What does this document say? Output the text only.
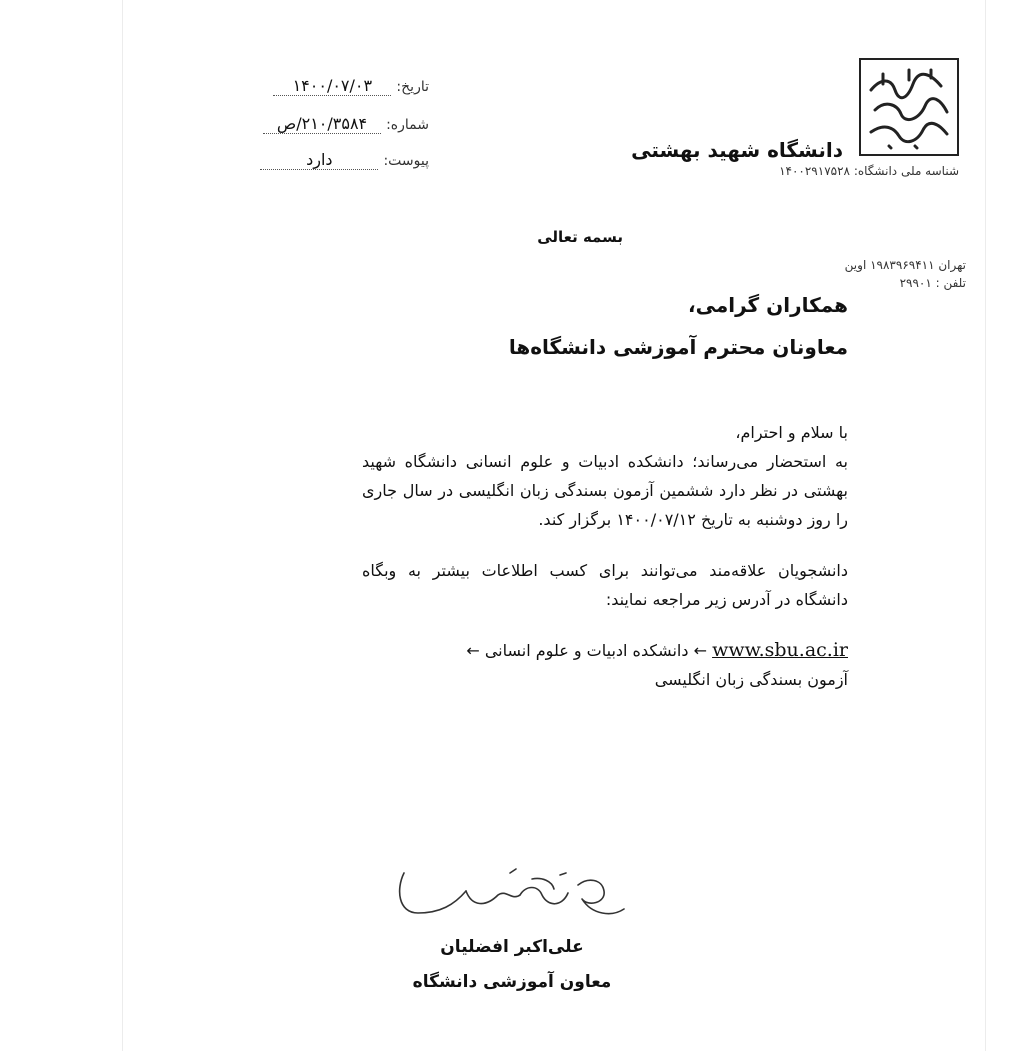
دانشگاه شهید بهشتی
شناسه ملی دانشگاه: ۱۴۰۰۲۹۱۷۵۲۸
تاریخ: ۱۴۰۰/۰۷/۰۳
شماره: ۲۱۰/۳۵۸۴/ص
پیوست: دارد
بسمه تعالی
تهران ۱۹۸۳۹۶۹۴۱۱ اوین
تلفن : ۲۹۹۰۱
همکاران گرامی،
معاونان محترم آموزشی دانشگاه‌ها

با سلام و احترام،

به استحضار می‌رساند؛ دانشکده ادبیات و علوم انسانی دانشگاه شهید بهشتی در نظر دارد ششمین آزمون بسندگی زبان انگلیسی در سال جاری را روز دوشنبه به تاریخ ۱۴۰۰/۰۷/۱۲ برگزار کند.

دانشجویان علاقه‌مند می‌توانند برای کسب اطلاعات بیشتر به وبگاه دانشگاه در آدرس زیر مراجعه نمایند:

www.sbu.ac.ir ← دانشکده ادبیات و علوم انسانی ←

آزمون بسندگی زبان انگلیسی

علی‌اکبر افضلیان
معاون آموزشی دانشگاه
